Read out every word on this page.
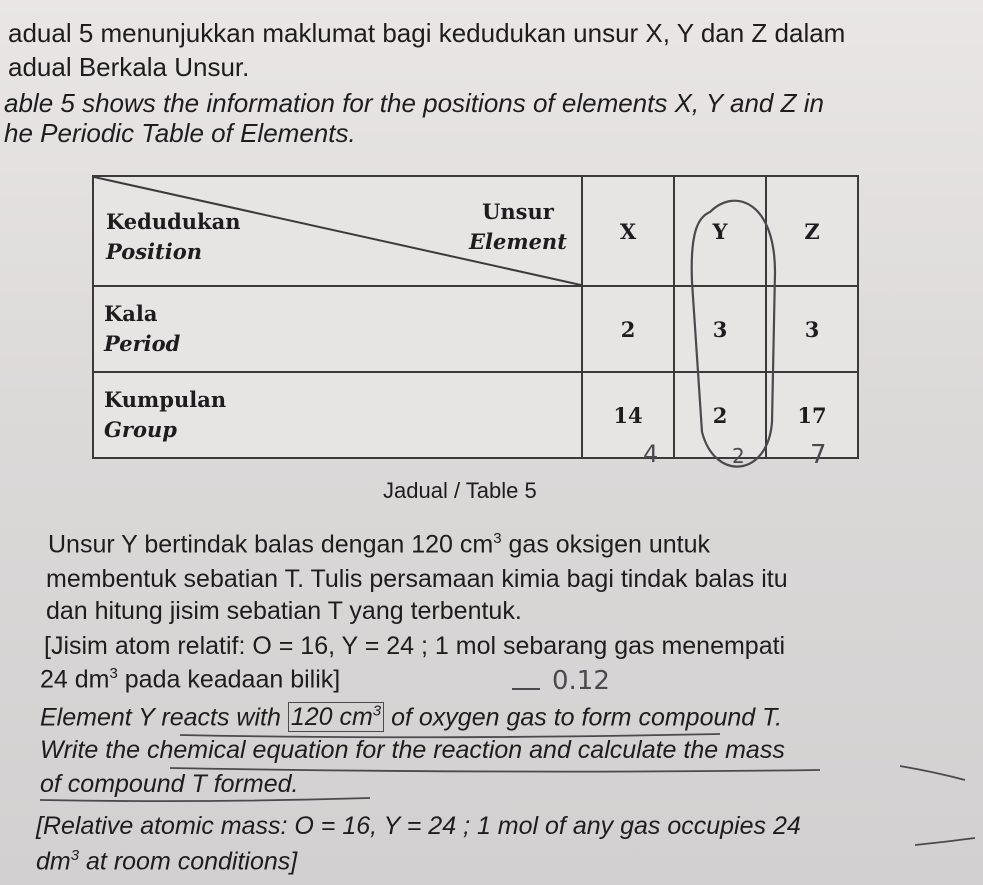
adual 5 menunjukkan maklumat bagi kedudukan unsur X, Y dan Z dalam
adual Berkala Unsur.
able 5 shows the information for the positions of elements X, Y and Z in
he Periodic Table of Elements.
Kedudukan
Position
Unsur
Element	X	Y	Z

Kala
Period	2	3	3

Kumpulan
Group	14	2	17
4	2	7
Jadual / Table 5
Unsur Y bertindak balas dengan 120 $cm^3$ gas oksigen untuk
membentuk sebatian T. Tulis persamaan kimia bagi tindak balas itu
dan hitung jisim sebatian T yang terbentuk.
[Jisim atom relatif: O = 16, Y = 24 ; 1 mol sebarang gas menempati
24 $dm^3$ pada keadaan bilik]	0.12
Element Y reacts with 120 $cm^3$ of oxygen gas to form compound T.
Write the chemical equation for the reaction and calculate the mass
of compound T formed.
[Relative atomic mass: O = 16, Y = 24 ; 1 mol of any gas occupies 24
$dm^3$ at room conditions]
